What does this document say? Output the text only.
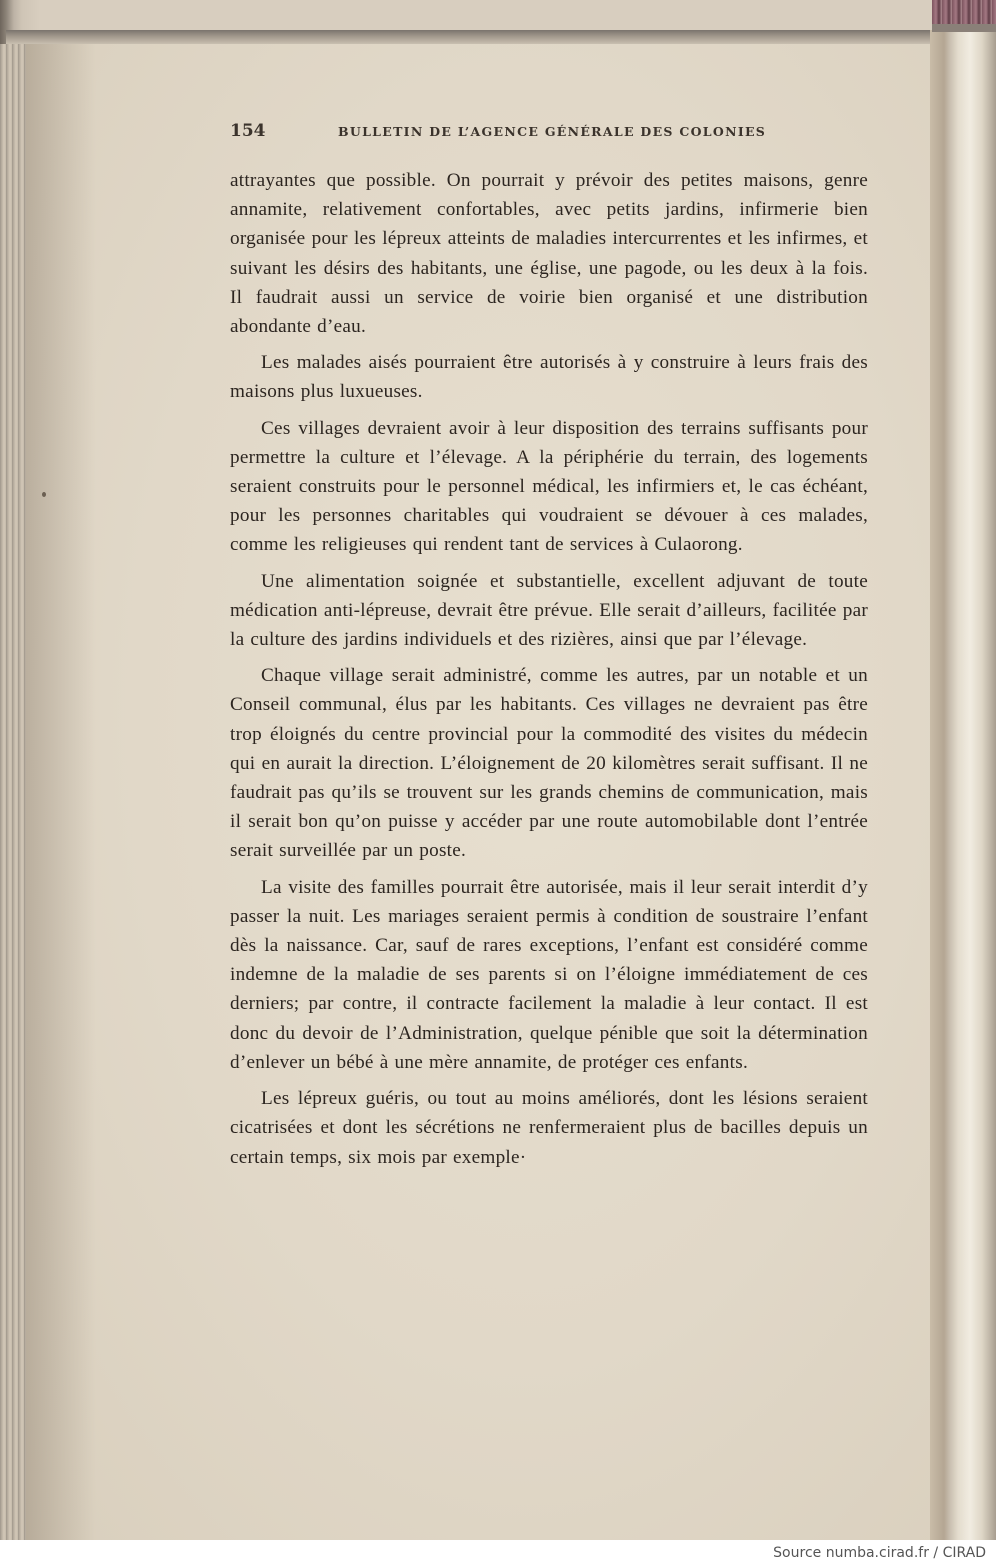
154	BULLETIN DE L’AGENCE GÉNÉRALE DES COLONIES

attrayantes que possible. On pourrait y prévoir des petites maisons, genre annamite, relativement confortables, avec petits jardins, infirmerie bien organisée pour les lépreux atteints de maladies intercurrentes et les infirmes, et suivant les désirs des habitants, une église, une pagode, ou les deux à la fois. Il faudrait aussi un service de voirie bien organisé et une distribution abondante d’eau.

Les malades aisés pourraient être autorisés à y construire à leurs frais des maisons plus luxueuses.

Ces villages devraient avoir à leur disposition des terrains suffisants pour permettre la culture et l’élevage. A la périphérie du terrain, des logements seraient construits pour le personnel médical, les infirmiers et, le cas échéant, pour les personnes charitables qui voudraient se dévouer à ces malades, comme les religieuses qui rendent tant de services à Culaorong.

Une alimentation soignée et substantielle, excellent adjuvant de toute médication anti-lépreuse, devrait être prévue. Elle serait d’ailleurs, facilitée par la culture des jardins individuels et des rizières, ainsi que par l’élevage.

Chaque village serait administré, comme les autres, par un notable et un Conseil communal, élus par les habitants. Ces villages ne devraient pas être trop éloignés du centre provincial pour la commodité des visites du médecin qui en aurait la direction. L’éloignement de 20 kilomètres serait suffisant. Il ne faudrait pas qu’ils se trouvent sur les grands chemins de communication, mais il serait bon qu’on puisse y accéder par une route automobilable dont l’entrée serait surveillée par un poste.

La visite des familles pourrait être autorisée, mais il leur serait interdit d’y passer la nuit. Les mariages seraient permis à condition de soustraire l’enfant dès la naissance. Car, sauf de rares exceptions, l’enfant est considéré comme indemne de la maladie de ses parents si on l’éloigne immédiatement de ces derniers; par contre, il contracte facilement la maladie à leur contact. Il est donc du devoir de l’Administration, quelque pénible que soit la détermination d’enlever un bébé à une mère annamite, de protéger ces enfants.

Les lépreux guéris, ou tout au moins améliorés, dont les lésions seraient cicatrisées et dont les sécrétions ne renfermeraient plus de bacilles depuis un certain temps, six mois par exemple·

Source numba.cirad.fr / CIRAD
